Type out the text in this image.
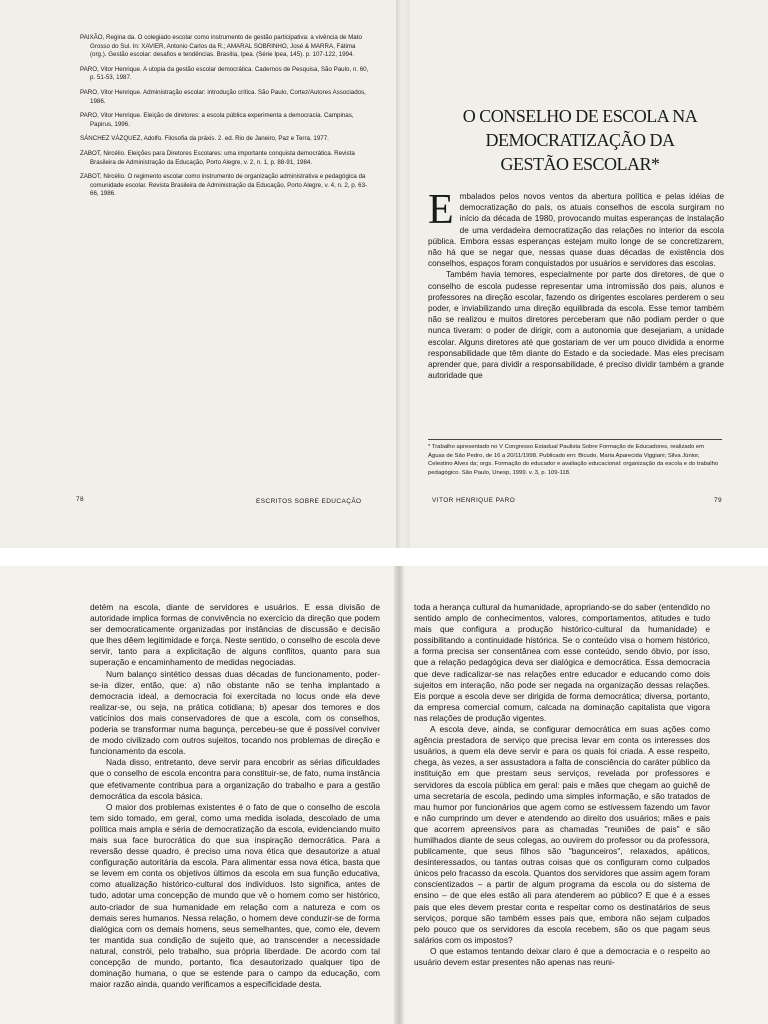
PAIXÃO, Regina da. O colegiado escolar como instrumento de gestão participativa: a vivência de Mato Grosso do Sul. In: XAVIER, Antonio Carlos da R.; AMARAL SOBRINHO, José & MARRA, Fátima (org.). Gestão escolar: desafios e tendências. Brasília, Ipea. (Série Ipea, 145). p. 107-122, 1994.

PARO, Vitor Henrique. A utopia da gestão escolar democrática. Cadernos de Pesquisa, São Paulo, n. 60, p. 51-53, 1987.

PARO, Vitor Henrique. Administração escolar: introdução crítica. São Paulo, Cortez/Autores Associados, 1986.

PARO, Vitor Henrique. Eleição de diretores: a escola pública experimenta a democracia. Campinas, Papirus, 1996.

SÁNCHEZ VÁZQUEZ, Adolfo. Filosofia da práxis. 2. ed. Rio de Janeiro, Paz e Terra, 1977.

ZABOT, Nircélio. Eleições para Diretores Escolares: uma importante conquista democrática. Revista Brasileira de Administração da Educação, Porto Alegre, v. 2, n. 1, p. 88-91, 1984.

ZABOT, Nircélio. O regimento escolar como instrumento de organização administrativa e pedagógica da comunidade escolar. Revista Brasileira de Administração da Educação, Porto Alegre, v. 4, n. 2, p. 63-66, 1986.

78	ESCRITOS SOBRE EDUCAÇÃO
O CONSELHO DE ESCOLA NA
DEMOCRATIZAÇÃO DA
GESTÃO ESCOLAR*

Embalados pelos novos ventos da abertura política e pelas idéias de democratização do país, os atuais conselhos de escola surgiram no início da década de 1980, provocando muitas esperanças de instalação de uma verdadeira democratização das relações no interior da escola pública. Embora essas esperanças estejam muito longe de se concretizarem, não há que se negar que, nessas quase duas décadas de existência dos conselhos, espaços foram conquistados por usuários e servidores das escolas.

Também havia temores, especialmente por parte dos diretores, de que o conselho de escola pudesse representar uma intromissão dos pais, alunos e professores na direção escolar, fazendo os dirigentes escolares perderem o seu poder, e inviabilizando uma direção equilibrada da escola. Esse temor também não se realizou e muitos diretores perceberam que não podiam perder o que nunca tiveram: o poder de dirigir, com a autonomia que desejariam, a unidade escolar. Alguns diretores até que gostariam de ver um pouco dividida a enorme responsabilidade que têm diante do Estado e da sociedade. Mas eles precisam aprender que, para dividir a responsabilidade, é preciso dividir também a grande autoridade que

* Trabalho apresentado no V Congresso Estadual Paulista Sobre Formação de Educadores, realizado em Águas de São Pedro, de 16 a 20/11/1998. Publicado em: Bicudo, Maria Aparecida Viggiani; Silva Júnior, Celestino Alves da; orgs. Formação do educador e avaliação educacional: organização da escola e do trabalho pedagógico. São Paulo, Unesp, 1999. v. 3, p. 109-118.
VITOR HENRIQUE PARO	79

detém na escola, diante de servidores e usuários. E essa divisão de autoridade implica formas de convivência no exercício da direção que podem ser democraticamente organizadas por instâncias de discussão e decisão que lhes dêem legitimidade e força. Neste sentido, o conselho de escola deve servir, tanto para a explicitação de alguns conflitos, quanto para sua superação e encaminhamento de medidas negociadas.

Num balanço sintético dessas duas décadas de funcionamento, poder-se-ia dizer, então, que: a) não obstante não se tenha implantado a democracia ideal, a democracia foi exercitada no locus onde ela deve realizar-se, ou seja, na prática cotidiana; b) apesar dos temores e dos vaticínios dos mais conservadores de que a escola, com os conselhos, poderia se transformar numa bagunça, percebeu-se que é possível conviver de modo civilizado com outros sujeitos, tocando nos problemas de direção e funcionamento da escola.

Nada disso, entretanto, deve servir para encobrir as sérias dificuldades que o conselho de escola encontra para constituir-se, de fato, numa instância que efetivamente contribua para a organização do trabalho e para a gestão democrática da escola básica.

O maior dos problemas existentes é o fato de que o conselho de escola tem sido tomado, em geral, como uma medida isolada, descolado de uma política mais ampla e séria de democratização da escola, evidenciando muito mais sua face burocrática do que sua inspiração democrática. Para a reversão desse quadro, é preciso uma nova ética que desautorize a atual configuração autoritária da escola. Para alimentar essa nova ética, basta que se levem em conta os objetivos últimos da escola em sua função educativa, como atualização histórico-cultural dos indivíduos. Isto significa, antes de tudo, adotar uma concepção de mundo que vê o homem como ser histórico, auto-criador de sua humanidade em relação com a natureza e com os demais seres humanos. Nessa relação, o homem deve conduzir-se de forma dialógica com os demais homens, seus semelhantes, que, como ele, devem ter mantida sua condição de sujeito que, ao transcender a necessidade natural, constrói, pelo trabalho, sua própria liberdade. De acordo com tal concepção de mundo, portanto, fica desautorizado qualquer tipo de dominação humana, o que se estende para o campo da educação, com maior razão ainda, quando verificamos a especificidade desta.

toda a herança cultural da humanidade, apropriando-se do saber (entendido no sentido amplo de conhecimentos, valores, comportamentos, atitudes e tudo mais que configura a produção histórico-cultural da humanidade) e possibilitando a continuidade histórica. Se o conteúdo visa o homem histórico, a forma precisa ser consentânea com esse conteúdo, sendo óbvio, por isso, que a relação pedagógica deva ser dialógica e democrática. Essa democracia que deve radicalizar-se nas relações entre educador e educando como dois sujeitos em interação, não pode ser negada na organização dessas relações. Eis porque a escola deve ser dirigida de forma democrática; diversa, portanto, da empresa comercial comum, calcada na dominação capitalista que vigora nas relações de produção vigentes.

A escola deve, ainda, se configurar democrática em suas ações como agência prestadora de serviço que precisa levar em conta os interesses dos usuários, a quem ela deve servir e para os quais foi criada. A esse respeito, chega, às vezes, a ser assustadora a falta de consciência do caráter público da instituição em que prestam seus serviços, revelada por professores e servidores da escola pública em geral: pais e mães que chegam ao guichê de uma secretaria de escola, pedindo uma simples informação, e são tratados de mau humor por funcionários que agem como se estivessem fazendo um favor e não cumprindo um dever e atendendo ao direito dos usuários; mães e pais que acorrem apreensivos para as chamadas "reuniões de pais" e são humilhados diante de seus colegas, ao ouvirem do professor ou da professora, publicamente, que seus filhos são "bagunceiros", relaxados, apáticos, desinteressados, ou tantas outras coisas que os configuram como culpados únicos pelo fracasso da escola. Quantos dos servidores que assim agem foram conscientizados – a partir de algum programa da escola ou do sistema de ensino – de que eles estão ali para atenderem ao público? E que é a esses pais que eles devem prestar conta e respeitar como os destinatários de seus serviços, porque são também esses pais que, embora não sejam culpados pelo pouco que os servidores da escola recebem, são os que pagam seus salários com os impostos?

O que estamos tentando deixar claro é que a democracia e o respeito ao usuário devem estar presentes não apenas nas reuni-
